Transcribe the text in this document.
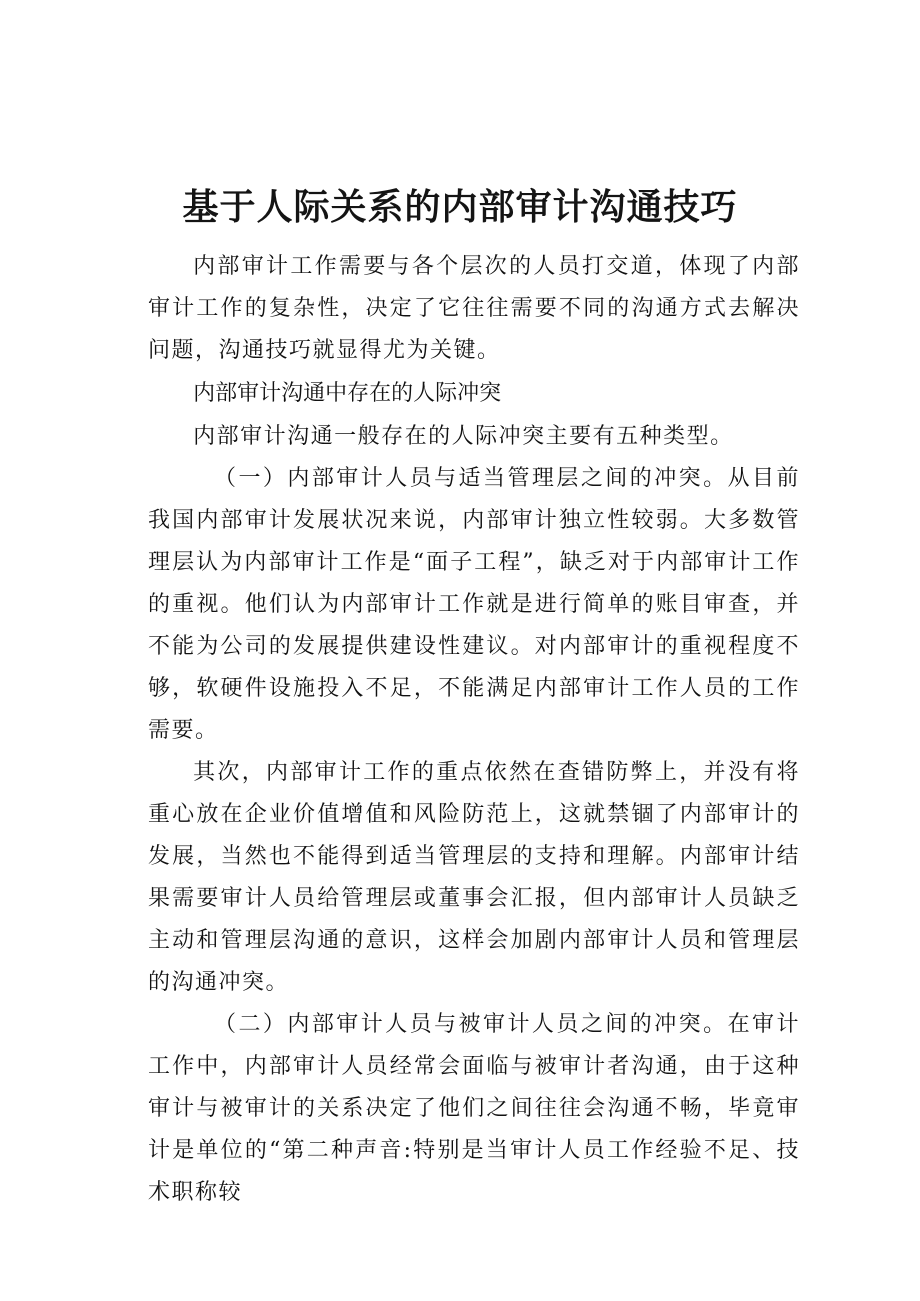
基于人际关系的内部审计沟通技巧

内部审计工作需要与各个层次的人员打交道，体现了内部审计工作的复杂性，决定了它往往需要不同的沟通方式去解决问题，沟通技巧就显得尤为关键。

内部审计沟通中存在的人际冲突

内部审计沟通一般存在的人际冲突主要有五种类型。

（一）内部审计人员与适当管理层之间的冲突。从目前我国内部审计发展状况来说，内部审计独立性较弱。大多数管理层认为内部审计工作是“面子工程”，缺乏对于内部审计工作的重视。他们认为内部审计工作就是进行简单的账目审查，并不能为公司的发展提供建设性建议。对内部审计的重视程度不够，软硬件设施投入不足，不能满足内部审计工作人员的工作需要。

其次，内部审计工作的重点依然在查错防弊上，并没有将重心放在企业价值增值和风险防范上，这就禁锢了内部审计的发展，当然也不能得到适当管理层的支持和理解。内部审计结果需要审计人员给管理层或董事会汇报，但内部审计人员缺乏主动和管理层沟通的意识，这样会加剧内部审计人员和管理层的沟通冲突。

（二）内部审计人员与被审计人员之间的冲突。在审计工作中，内部审计人员经常会面临与被审计者沟通，由于这种审计与被审计的关系决定了他们之间往往会沟通不畅，毕竟审计是单位的“第二种声音:特别是当审计人员工作经验不足、技术职称较
